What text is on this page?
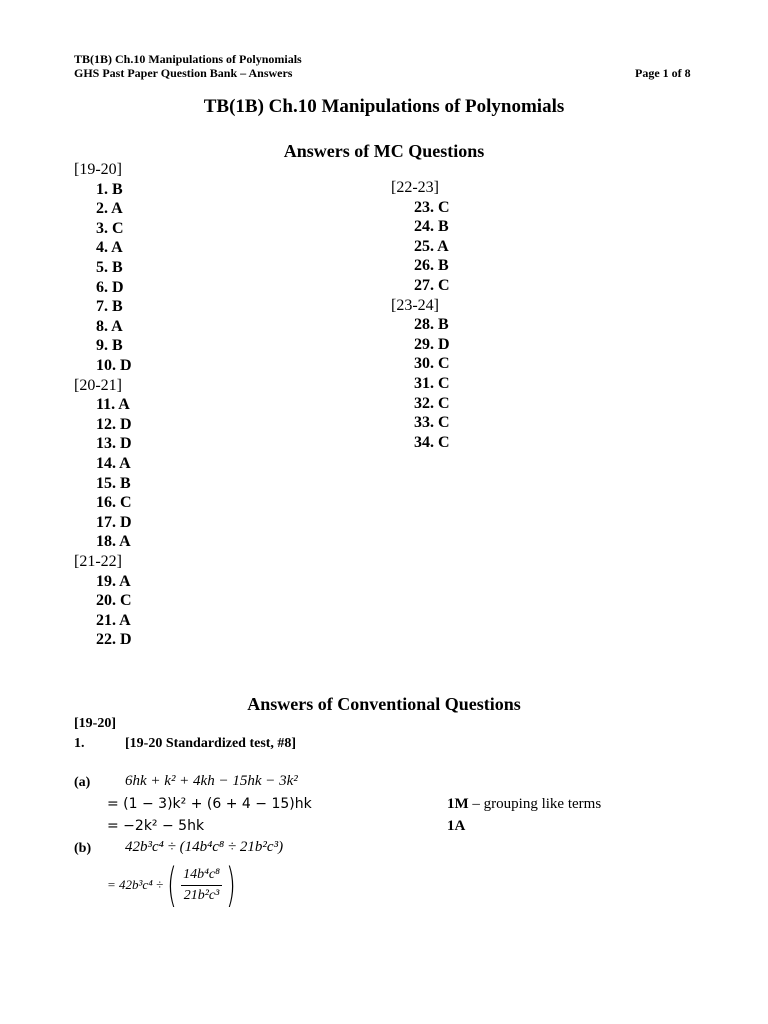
TB(1B) Ch.10 Manipulations of Polynomials
GHS Past Paper Question Bank – Answers	Page 1 of 8
TB(1B) Ch.10 Manipulations of Polynomials
Answers of MC Questions
[19-20]
1. B
2. A
3. C
4. A
5. B
6. D
7. B
8. A
9. B
10. D
[20-21]
11. A
12. D
13. D
14. A
15. B
16. C
17. D
18. A
[21-22]
19. A
20. C
21. A
22. D
[22-23]
23. C
24. B
25. A
26. B
27. C
[23-24]
28. B
29. D
30. C
31. C
32. C
33. C
34. C
Answers of Conventional Questions
[19-20]
1.	[19-20 Standardized test, #8]
(a) 6hk + k² + 4kh − 15hk − 3k²
= (1 − 3)k² + (6 + 4 − 15)hk
= −2k² − 5hk
1M – grouping like terms
1A
(b) 42b³c⁴ ÷ (14b⁴c⁸ ÷ 21b²c³)
= 42b³c⁴ ÷ ( $\frac{\text{14b⁴c⁸}}{\text{21b²c³}}$ )
